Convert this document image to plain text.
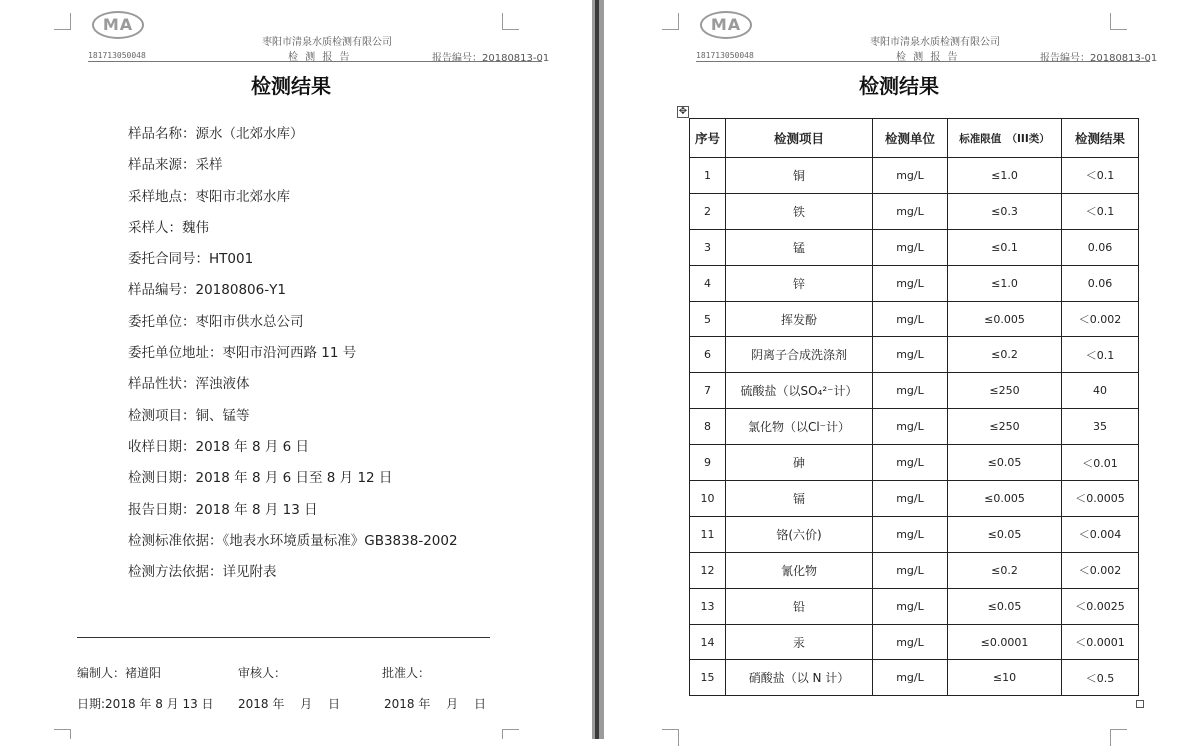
MA
枣阳市清泉水质检测有限公司
181713050048	检 测 报 告	报告编号：20180813-01
检测结果
样品名称：源水（北郊水库）
样品来源：采样
采样地点：枣阳市北郊水库
采样人：魏伟
委托合同号：HT001
样品编号：20180806-Y1
委托单位：枣阳市供水总公司
委托单位地址：枣阳市沿河西路 11 号
样品性状：浑浊液体
检测项目：铜、锰等
收样日期：2018 年 8 月 6 日
检测日期：2018 年 8 月 6 日至 8 月 12 日
报告日期：2018 年 8 月 13 日
检测标准依据：《地表水环境质量标准》GB3838-2002
检测方法依据：详见附表
编制人：褚道阳	审核人：	批准人：
日期:2018 年 8 月 13 日 2018 年　 月　 日	2018 年　 月　 日
MA
枣阳市清泉水质检测有限公司
181713050048	检 测 报 告	报告编号：20180813-01
检测结果
✥
序号	检测项目	检测单位	标准限值　（III类）	检测结果
1	铜	mg/L	≤1.0	＜0.1
2	铁	mg/L	≤0.3	＜0.1
3	锰	mg/L	≤0.1	0.06
4	锌	mg/L	≤1.0	0.06
5	挥发酚	mg/L	≤0.005	＜0.002
6	阴离子合成洗涤剂	mg/L	≤0.2	＜0.1
7	硫酸盐（以SO₄²⁻计）	mg/L	≤250	40
8	氯化物（以Cl⁻计）	mg/L	≤250	35
9	砷	mg/L	≤0.05	＜0.01
10	镉	mg/L	≤0.005	＜0.0005
11	铬(六价)	mg/L	≤0.05	＜0.004
12	氰化物	mg/L	≤0.2	＜0.002
13	铅	mg/L	≤0.05	＜0.0025
14	汞	mg/L	≤0.0001	＜0.0001
15	硝酸盐（以 N 计）	mg/L	≤10	＜0.5
